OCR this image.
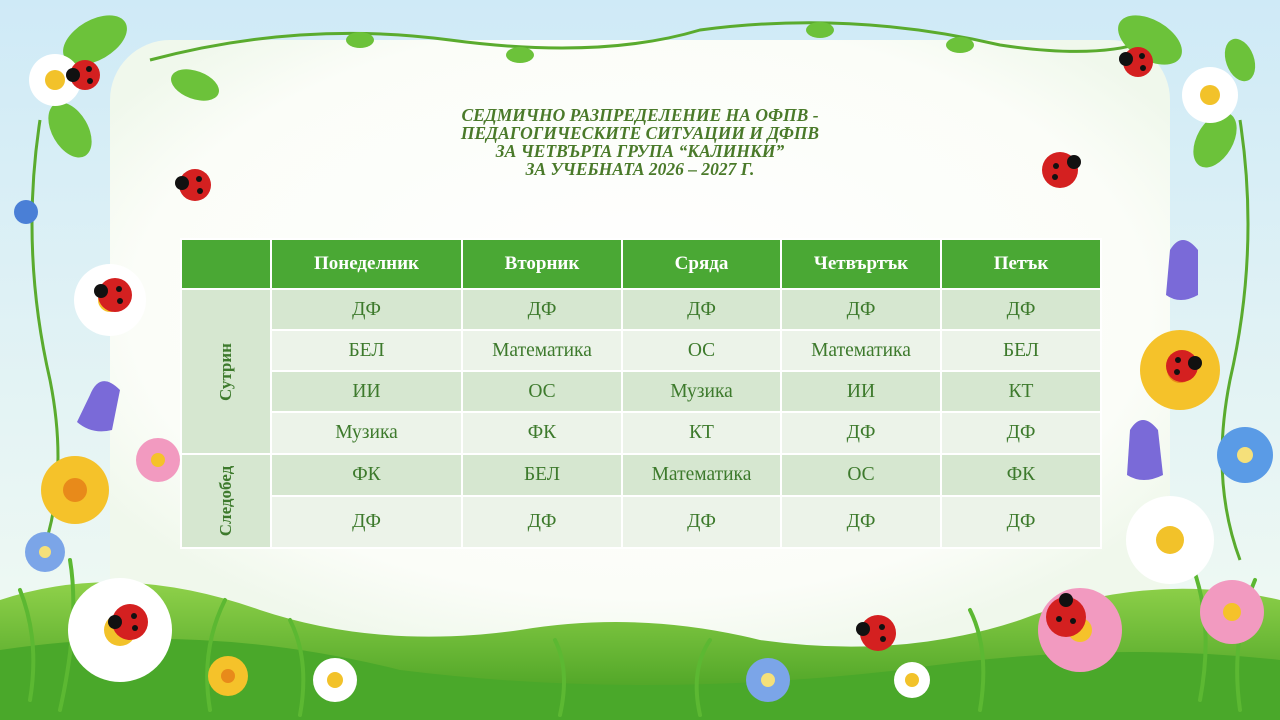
СЕДМИЧНО РАЗПРЕДЕЛЕНИЕ НА ОФПВ -
ПЕДАГОГИЧЕСКИТЕ СИТУАЦИИ И ДФПВ
ЗА ЧЕТВЪРТА ГРУПА “КАЛИНКИ”
ЗА УЧЕБНАТА 2026 – 2027 Г.
	Понеделник	Вторник	Сряда	Четвъртък	Петък
Сутрин	ДФ	ДФ	ДФ	ДФ	ДФ
	БЕЛ	Математика	ОС	Математика	БЕЛ
	ИИ	ОС	Музика	ИИ	КТ
	Музика	ФК	КТ	ДФ	ДФ
Следобед	ФК	БЕЛ	Математика	ОС	ФК
	ДФ	ДФ	ДФ	ДФ	ДФ
